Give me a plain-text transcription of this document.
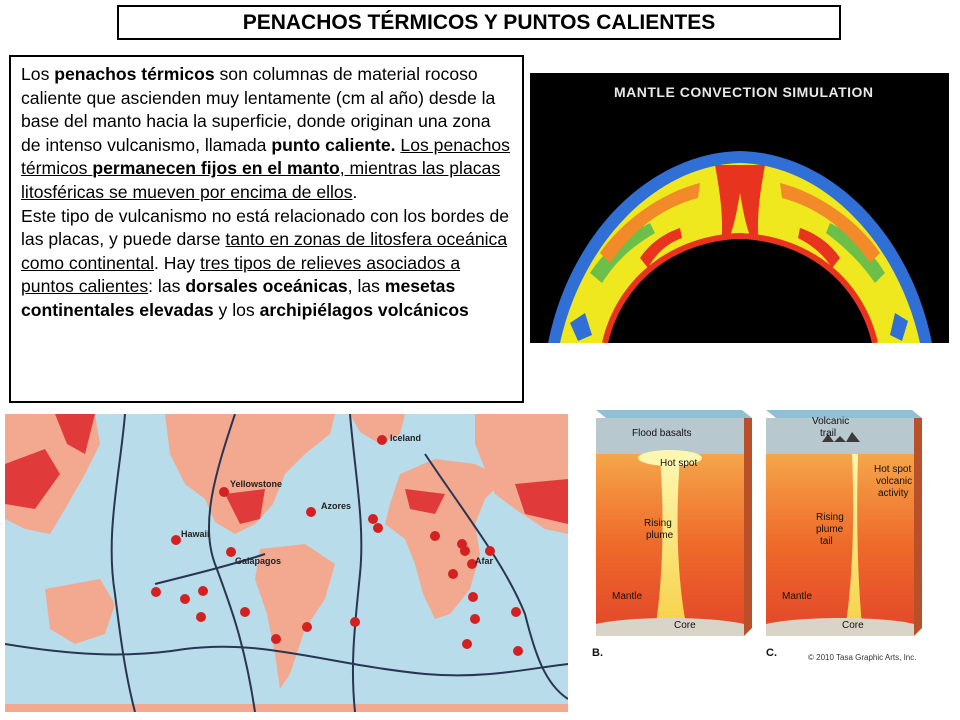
PENACHOS TÉRMICOS Y PUNTOS CALIENTES

Los penachos térmicos son columnas de material rocoso caliente que ascienden muy lentamente (cm al año) desde la base del manto hacia la superficie, donde originan una zona de intenso vulcanismo, llamada punto caliente. Los penachos térmicos permanecen fijos en el manto, mientras las placas litosféricas se mueven por encima de ellos.

Este tipo de vulcanismo no está relacionado con los bordes de las placas, y puede darse tanto en zonas de litosfera oceánica como continental. Hay tres tipos de relieves asociados a puntos calientes: las dorsales oceánicas, las mesetas continentales elevadas y los archipiélagos volcánicos

MANTLE CONVECTION SIMULATION
Iceland
Yellowstone
Azores
Hawaii
Galapagos	Afar
Flood basalts
Hot spot
Rising
plume
Mantle
Core
B.
Volcanic
trail
Hot spot
volcanic
activity
Rising
plume
tail
Mantle
Core
C.	© 2010 Tasa Graphic Arts, Inc.
